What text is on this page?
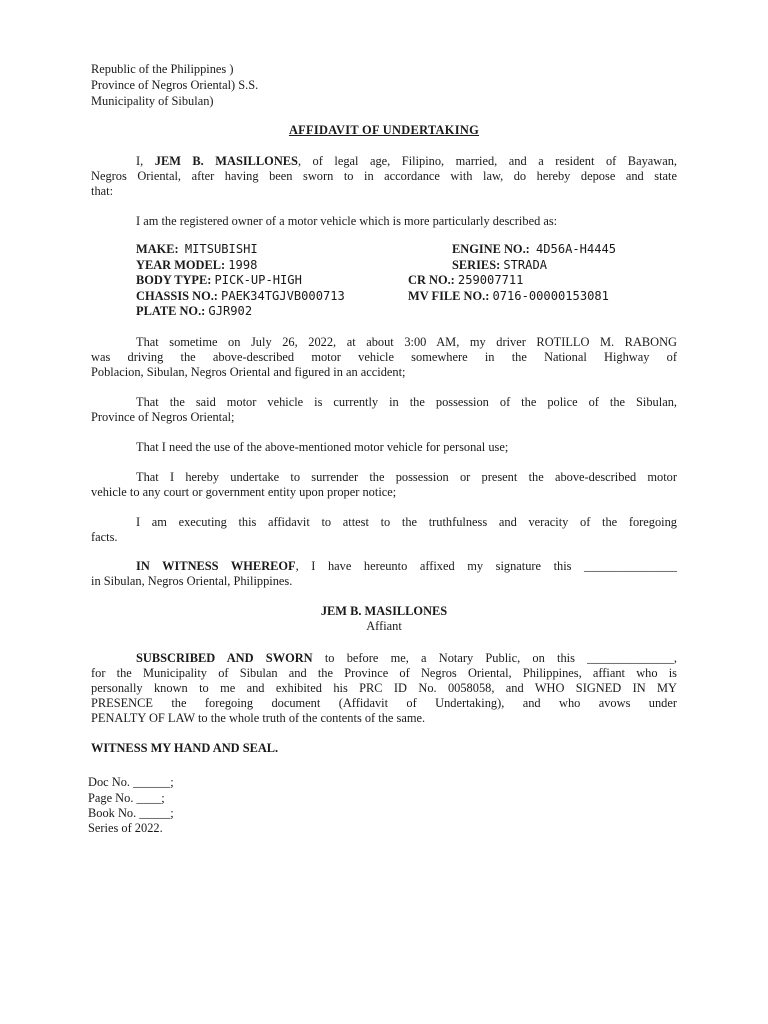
Republic of the Philippines )
Province of Negros Oriental) S.S.
Municipality of Sibulan)
AFFIDAVIT OF UNDERTAKING
I, JEM B. MASILLONES, of legal age, Filipino, married, and a resident of Bayawan,
Negros Oriental, after having been sworn to in accordance with law, do hereby depose and state
that:
I am the registered owner of a motor vehicle which is more particularly described as:
MAKE: MITSUBISHI	ENGINE NO.: 4D56A-H4445
YEAR MODEL: 1998	SERIES: STRADA
BODY TYPE: PICK-UP-HIGH	CR NO.: 259007711
CHASSIS NO.: PAEK34TGJVB000713	MV FILE NO.: 0716-00000153081
PLATE NO.: GJR902
That sometime on July 26, 2022, at about 3:00 AM, my driver ROTILLO M. RABONG
was driving the above-described motor vehicle somewhere in the National Highway of
Poblacion, Sibulan, Negros Oriental and figured in an accident;
That the said motor vehicle is currently in the possession of the police of the Sibulan,
Province of Negros Oriental;
That I need the use of the above-mentioned motor vehicle for personal use;
That I hereby undertake to surrender the possession or present the above-described motor
vehicle to any court or government entity upon proper notice;
I am executing this affidavit to attest to the truthfulness and veracity of the foregoing
facts.
IN WITNESS WHEREOF, I have hereunto affixed my signature this _______________
in Sibulan, Negros Oriental, Philippines.
JEM B. MASILLONES
Affiant
SUBSCRIBED AND SWORN to before me, a Notary Public, on this ______________,
for the Municipality of Sibulan and the Province of Negros Oriental, Philippines, affiant who is
personally known to me and exhibited his PRC ID No. 0058058, and WHO SIGNED IN MY
PRESENCE the foregoing document (Affidavit of Undertaking), and who avows under
PENALTY OF LAW to the whole truth of the contents of the same.
WITNESS MY HAND AND SEAL.
Doc No. ______;
Page No. ____;
Book No. _____;
Series of 2022.
